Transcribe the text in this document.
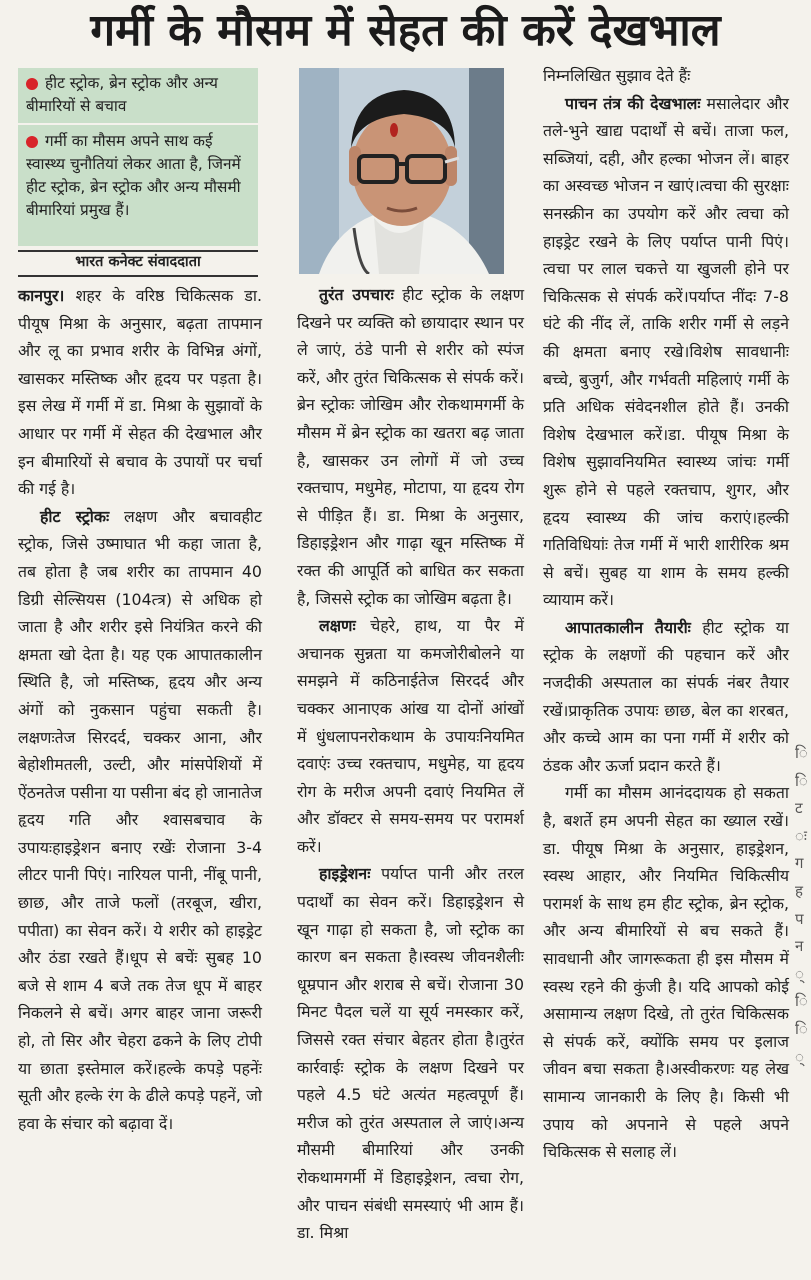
गर्मी के मौसम में सेहत की करें देखभाल
हीट स्ट्रोक, ब्रेन स्ट्रोक और अन्य बीमारियों से बचाव
गर्मी का मौसम अपने साथ कई स्वास्थ्य चुनौतियां लेकर आता है, जिनमें हीट स्ट्रोक, ब्रेन स्ट्रोक और अन्य मौसमी बीमारियां प्रमुख हैं।
भारत कनेक्ट संवाददाता

कानपुर। शहर के वरिष्ठ चिकित्सक डा. पीयूष मिश्रा के अनुसार, बढ़ता तापमान और लू का प्रभाव शरीर के विभिन्न अंगों, खासकर मस्तिष्क और हृदय पर पड़ता है।इस लेख में गर्मी में डा. मिश्रा के सुझावों के आधार पर गर्मी में सेहत की देखभाल और इन बीमारियों से बचाव के उपायों पर चर्चा की गई है।

हीट स्ट्रोकः लक्षण और बचावहीट स्ट्रोक, जिसे उष्माघात भी कहा जाता है, तब होता है जब शरीर का तापमान 40 डिग्री सेल्सियस (104त्त्र) से अधिक हो जाता है और शरीर इसे नियंत्रित करने की क्षमता खो देता है। यह एक आपातकालीन स्थिति है, जो मस्तिष्क, हृदय और अन्य अंगों को नुकसान पहुंचा सकती है। लक्षणःतेज सिरदर्द, चक्कर आना, और बेहोशीमतली, उल्टी, और मांसपेशियों में ऐंठनतेज पसीना या पसीना बंद हो जानातेज हृदय गति और श्वासबचाव के उपायःहाइड्रेशन बनाए रखेंः रोजाना 3-4 लीटर पानी पिएं। नारियल पानी, नींबू पानी, छाछ, और ताजे फलों (तरबूज, खीरा, पपीता) का सेवन करें। ये शरीर को हाइड्रेट और ठंडा रखते हैं।धूप से बचेंः सुबह 10 बजे से शाम 4 बजे तक तेज धूप में बाहर निकलने से बचें। अगर बाहर जाना जरूरी हो, तो सिर और चेहरा ढकने के लिए टोपी या छाता इस्तेमाल करें।हल्के कपड़े पहनेंः सूती और हल्के रंग के ढीले कपड़े पहनें, जो हवा के संचार को बढ़ावा दें।

तुरंत उपचारः हीट स्ट्रोक के लक्षण दिखने पर व्यक्ति को छायादार स्थान पर ले जाएं, ठंडे पानी से शरीर को स्पंज करें, और तुरंत चिकित्सक से संपर्क करें।ब्रेन स्ट्रोकः जोखिम और रोकथामगर्मी के मौसम में ब्रेन स्ट्रोक का खतरा बढ़ जाता है, खासकर उन लोगों में जो उच्च रक्तचाप, मधुमेह, मोटापा, या हृदय रोग से पीड़ित हैं। डा. मिश्रा के अनुसार, डिहाइड्रेशन और गाढ़ा खून मस्तिष्क में रक्त की आपूर्ति को बाधित कर सकता है, जिससे स्ट्रोक का जोखिम बढ़ता है।

लक्षणः चेहरे, हाथ, या पैर में अचानक सुन्नता या कमजोरीबोलने या समझने में कठिनाईतेज सिरदर्द और चक्कर आनाएक आंख या दोनों आंखों में धुंधलापनरोकथाम के उपायःनियमित दवाएंः उच्च रक्तचाप, मधुमेह, या हृदय रोग के मरीज अपनी दवाएं नियमित लें और डॉक्टर से समय-समय पर परामर्श करें।

हाइड्रेशनः पर्याप्त पानी और तरल पदार्थों का सेवन करें। डिहाइड्रेशन से खून गाढ़ा हो सकता है, जो स्ट्रोक का कारण बन सकता है।स्वस्थ जीवनशैलीः धूम्रपान और शराब से बचें। रोजाना 30 मिनट पैदल चलें या सूर्य नमस्कार करें, जिससे रक्त संचार बेहतर होता है।तुरंत कार्रवाईः स्ट्रोक के लक्षण दिखने पर पहले 4.5 घंटे अत्यंत महत्वपूर्ण हैं। मरीज को तुरंत अस्पताल ले जाएं।अन्य मौसमी बीमारियां और उनकी रोकथामगर्मी में डिहाइड्रेशन, त्वचा रोग, और पाचन संबंधी समस्याएं भी आम हैं। डा. मिश्रा

निम्नलिखित सुझाव देते हैंः

पाचन तंत्र की देखभालः मसालेदार और तले-भुने खाद्य पदार्थों से बचें। ताजा फल, सब्जियां, दही, और हल्का भोजन लें। बाहर का अस्वच्छ भोजन न खाएं।त्वचा की सुरक्षाः सनस्क्रीन का उपयोग करें और त्वचा को हाइड्रेट रखने के लिए पर्याप्त पानी पिएं। त्वचा पर लाल चकत्ते या खुजली होने पर चिकित्सक से संपर्क करें।पर्याप्त नींदः 7-8 घंटे की नींद लें, ताकि शरीर गर्मी से लड़ने की क्षमता बनाए रखे।विशेष सावधानीः बच्चे, बुजुर्ग, और गर्भवती महिलाएं गर्मी के प्रति अधिक संवेदनशील होते हैं। उनकी विशेष देखभाल करें।डा. पीयूष मिश्रा के विशेष सुझावनियमित स्वास्थ्य जांचः गर्मी शुरू होने से पहले रक्तचाप, शुगर, और हृदय स्वास्थ्य की जांच कराएं।हल्की गतिविधियांः तेज गर्मी में भारी शारीरिक श्रम से बचें। सुबह या शाम के समय हल्की व्यायाम करें।

आपातकालीन तैयारीः हीट स्ट्रोक या स्ट्रोक के लक्षणों की पहचान करें और नजदीकी अस्पताल का संपर्क नंबर तैयार रखें।प्राकृतिक उपायः छाछ, बेल का शरबत, और कच्चे आम का पना गर्मी में शरीर को ठंडक और ऊर्जा प्रदान करते हैं।

गर्मी का मौसम आनंददायक हो सकता है, बशर्ते हम अपनी सेहत का ख्याल रखें। डा. पीयूष मिश्रा के अनुसार, हाइड्रेशन, स्वस्थ आहार, और नियमित चिकित्सीय परामर्श के साथ हम हीट स्ट्रोक, ब्रेन स्ट्रोक, और अन्य बीमारियों से बच सकते हैं। सावधानी और जागरूकता ही इस मौसम में स्वस्थ रहने की कुंजी है। यदि आपको कोई असामान्य लक्षण दिखे, तो तुरंत चिकित्सक से संपर्क करें, क्योंकि समय पर इलाज जीवन बचा सकता है।अस्वीकरणः यह लेख सामान्य जानकारी के लिए है। किसी भी उपाय को अपनाने से पहले अपने चिकित्सक से सलाह लें।

ि ि ट ः ग ह प न ् ि ि ्
